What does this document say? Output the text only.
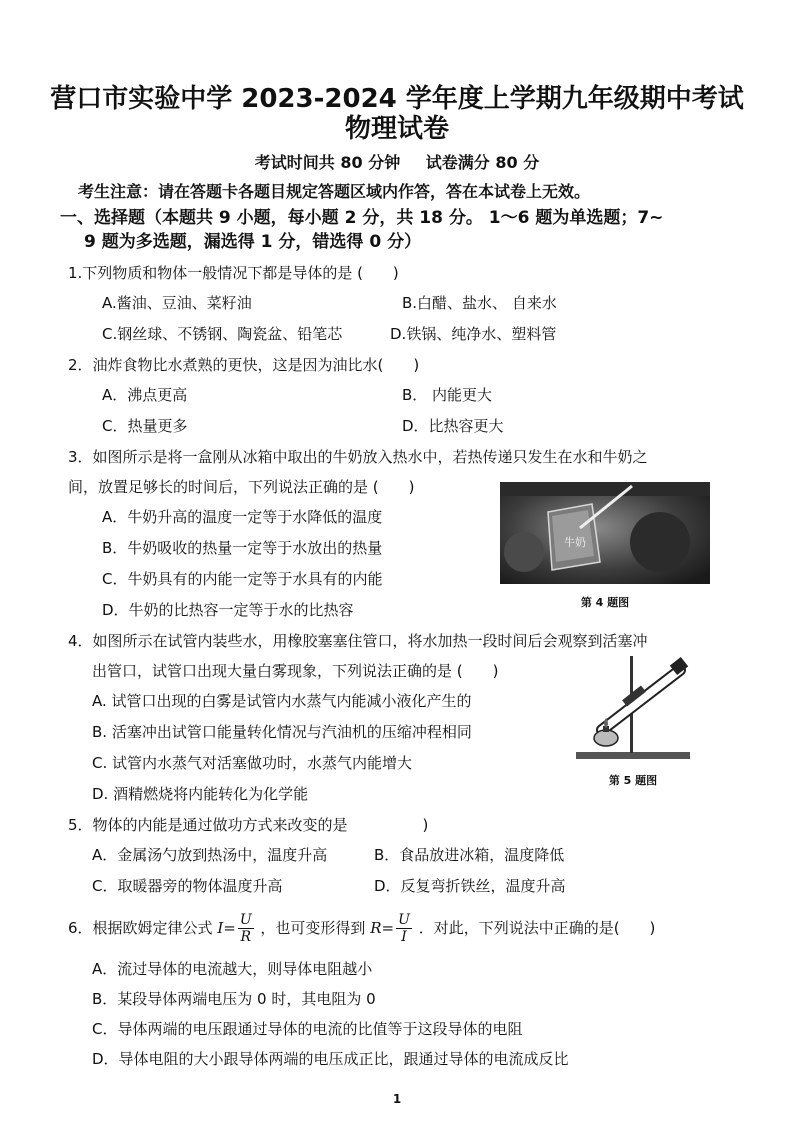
营口市实验中学 2023-2024 学年度上学期九年级期中考试

物理试卷

考试时间共 80 分钟 试卷满分 80 分
考生注意：请在答题卡各题目规定答题区域内作答，答在本试卷上无效。
一、选择题（本题共 9 小题，每小题 2 分，共 18 分。 1～6 题为单选题；7~
9 题为多选题，漏选得 1 分，错选得 0 分）
1.下列物质和物体一般情况下都是导体的是 (　　)
A.酱油、豆油、菜籽油	B.白醋、盐水、 自来水
C.钢丝球、不锈钢、陶瓷盆、铅笔芯	D.铁锅、纯净水、塑料管
2．油炸食物比水煮熟的更快，这是因为油比水(　　)
A．沸点更高	B． 内能更大
C．热量更多	D．比热容更大
3．如图所示是将一盒刚从冰箱中取出的牛奶放入热水中，若热传递只发生在水和牛奶之
间，放置足够长的时间后，下列说法正确的是 (　　)
A．牛奶升高的温度一定等于水降低的温度
B．牛奶吸收的热量一定等于水放出的热量
C．牛奶具有的内能一定等于水具有的内能
D．牛奶的比热容一定等于水的比热容
牛奶
第 4 题图
4．如图所示在试管内装些水，用橡胶塞塞住管口，将水加热一段时间后会观察到活塞冲
出管口，试管口出现大量白雾现象，下列说法正确的是 (　　)
A. 试管口出现的白雾是试管内水蒸气内能减小液化产生的
B. 活塞冲出试管口能量转化情况与汽油机的压缩冲程相同
C. 试管内水蒸气对活塞做功时，水蒸气内能增大
D. 酒精燃烧将内能转化为化学能
第 5 题图
5．物体的内能是通过做功方式来改变的是　　　　　)
A．金属汤勺放到热汤中，温度升高	B．食品放进冰箱，温度降低
C．取暖器旁的物体温度升高	D．反复弯折铁丝，温度升高
6．根据欧姆定律公式 $I= \frac{U}{R}$ ，也可变形得到 $R= \frac{U}{I}$ ．对此，下列说法中正确的是(　　)
A．流过导体的电流越大，则导体电阻越小
B．某段导体两端电压为 0 时，其电阻为 0
C．导体两端的电压跟通过导体的电流的比值等于这段导体的电阻
D．导体电阻的大小跟导体两端的电压成正比，跟通过导体的电流成反比
1
